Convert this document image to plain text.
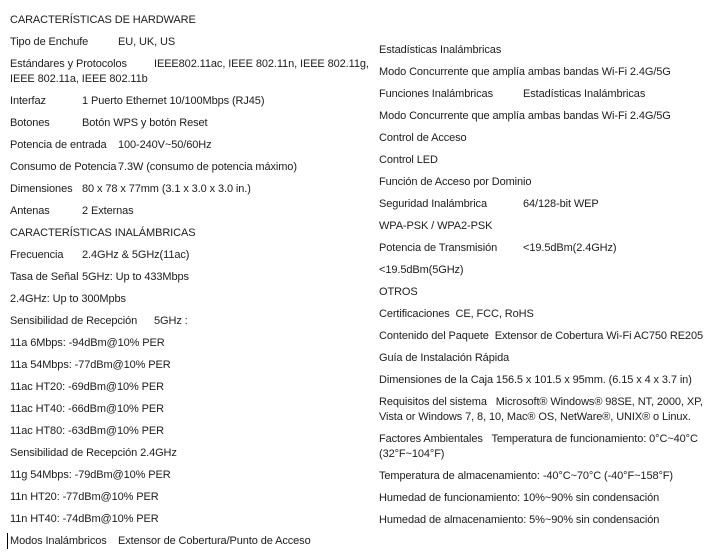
CARACTERÍSTICAS DE HARDWARE

Tipo de Enchufe	EU, UK, US

Estándares y Protocolos	IEEE802.11ac, IEEE 802.11n, IEEE 802.11g, IEEE 802.11a, IEEE 802.11b

Interfaz	1 Puerto Ethernet 10/100Mbps (RJ45)

Botones	Botón WPS y botón Reset

Potencia de entrada	100-240V~50/60Hz

Consumo de Potencia	7.3W (consumo de potencia máximo)

Dimensiones	80 x 78 x 77mm (3.1 x 3.0 x 3.0 in.)

Antenas	2 Externas

CARACTERÍSTICAS INALÁMBRICAS

Frecuencia	2.4GHz & 5GHz(11ac)

Tasa de Señal	5GHz: Up to 433Mbps

2.4GHz: Up to 300Mpbs

Sensibilidad de Recepción	5GHz :

11a 6Mbps: -94dBm@10% PER

11a 54Mbps: -77dBm@10% PER

11ac HT20: -69dBm@10% PER

11ac HT40: -66dBm@10% PER

11ac HT80: -63dBm@10% PER

Sensibilidad de Recepción 2.4GHz

11g 54Mbps: -79dBm@10% PER

11n HT20: -77dBm@10% PER

11n HT40: -74dBm@10% PER

Modos Inalámbricos	Extensor de Cobertura/Punto de Acceso

Estadísticas Inalámbricas

Modo Concurrente que amplía ambas bandas Wi-Fi 2.4G/5G

Funciones Inalámbricas	Estadísticas Inalámbricas

Modo Concurrente que amplía ambas bandas Wi-Fi 2.4G/5G

Control de Acceso

Control LED

Función de Acceso por Dominio

Seguridad Inalámbrica	64/128-bit WEP

WPA-PSK / WPA2-PSK

Potencia de Transmisión	<19.5dBm(2.4GHz)

<19.5dBm(5GHz)

OTROS

Certificaciones  CE, FCC, RoHS

Contenido del Paquete  Extensor de Cobertura Wi-Fi AC750 RE205

Guía de Instalación Rápida

Dimensiones de la Caja 156.5 x 101.5 x 95mm. (6.15 x 4 x 3.7 in)

Requisitos del sistema   Microsoft® Windows® 98SE, NT, 2000, XP, Vista or Windows 7, 8, 10, Mac® OS, NetWare®, UNIX® o Linux.

Factores Ambientales   Temperatura de funcionamiento: 0°C~40°C (32°F~104°F)

Temperatura de almacenamiento: -40°C~70°C (-40°F~158°F)

Humedad de funcionamiento: 10%~90% sin condensación

Humedad de almacenamiento: 5%~90% sin condensación
